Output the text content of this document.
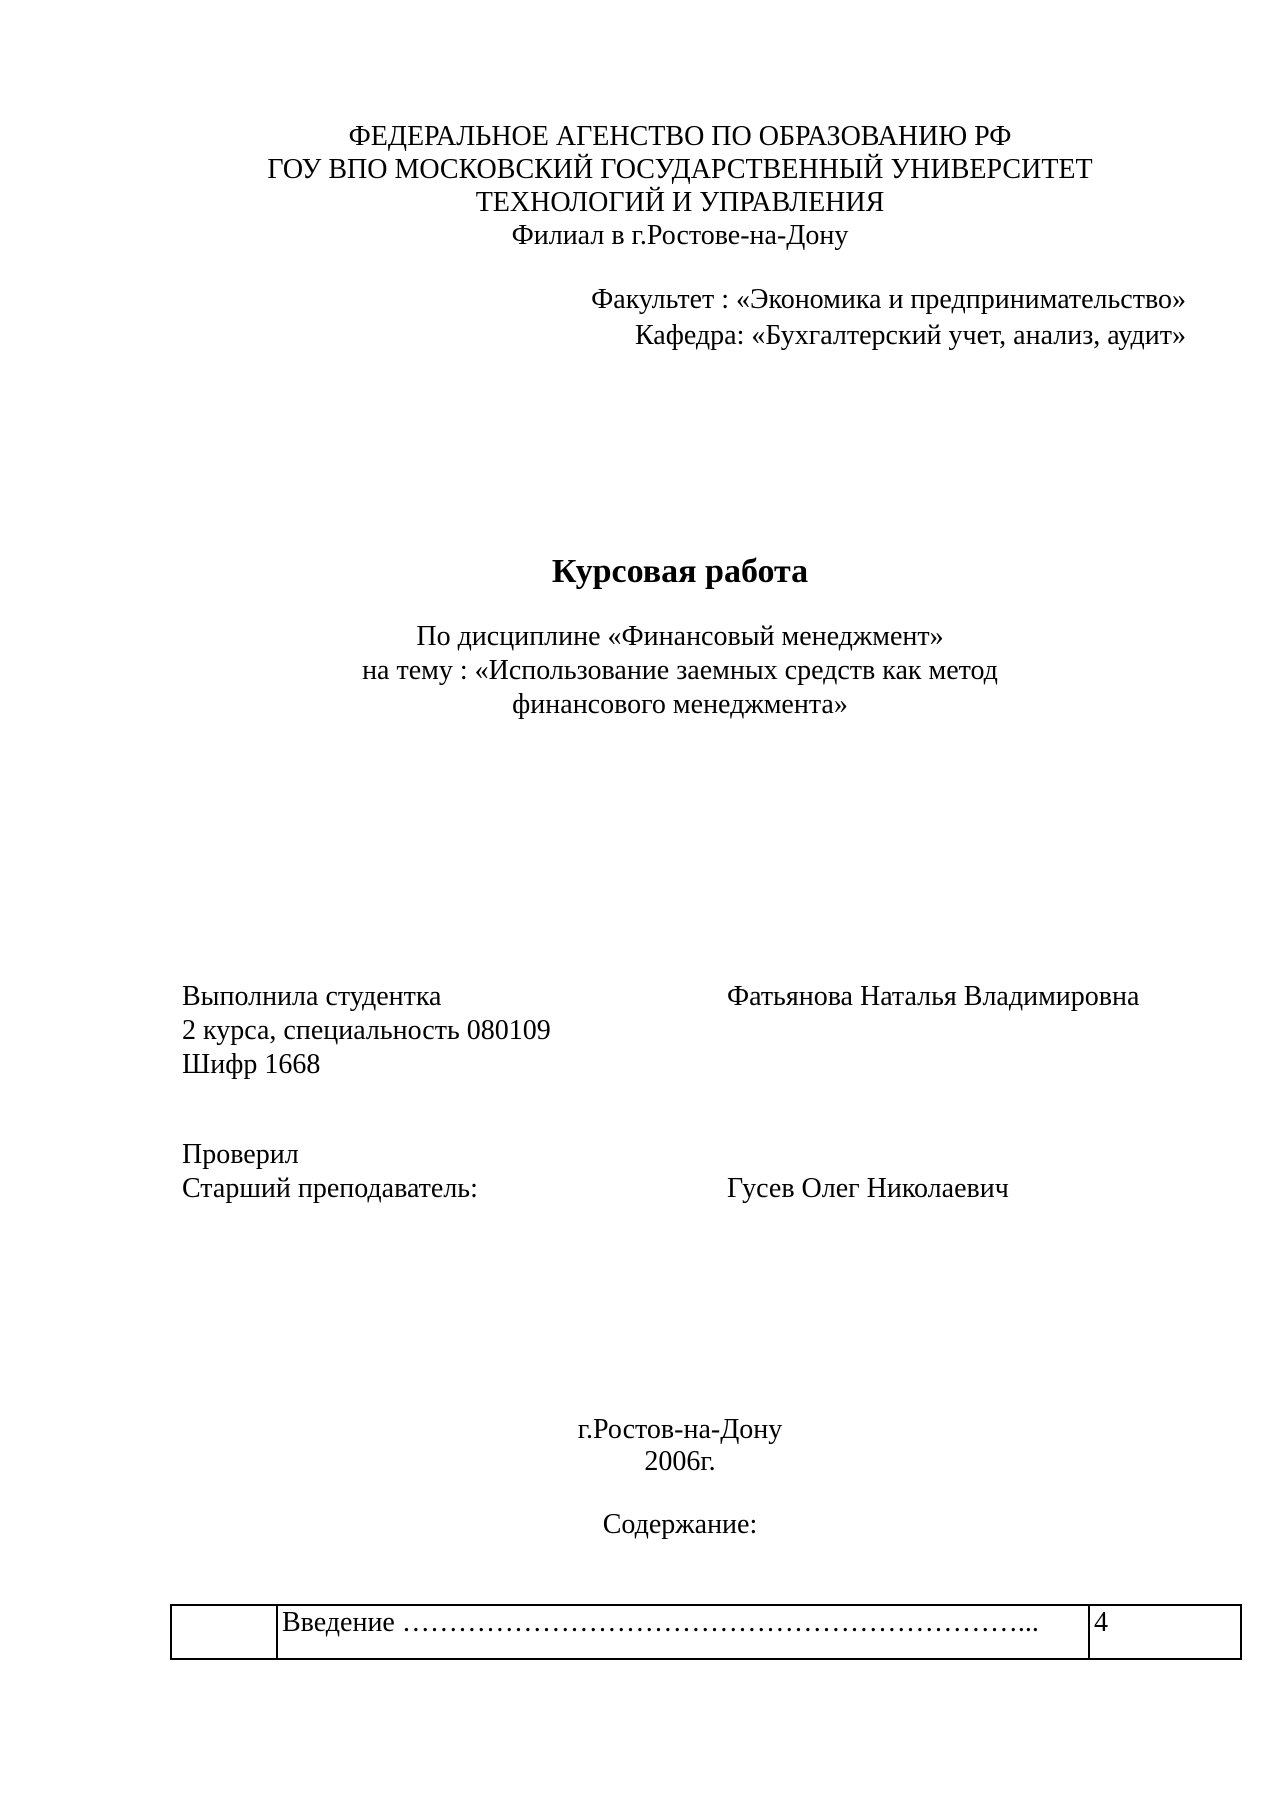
ФЕДЕРАЛЬНОЕ АГЕНСТВО ПО ОБРАЗОВАНИЮ РФ
ГОУ ВПО МОСКОВСКИЙ ГОСУДАРСТВЕННЫЙ УНИВЕРСИТЕТ
ТЕХНОЛОГИЙ И УПРАВЛЕНИЯ
Филиал в г.Ростове-на-Дону
Факультет : «Экономика и предпринимательство»
Кафедра: «Бухгалтерский учет, анализ, аудит»
Курсовая работа
По дисциплине «Финансовый менеджмент»
на тему : «Использование заемных средств как метод
финансового менеджмента»
Выполнила студентка
2 курса, специальность 080109
Шифр 1668
Фатьянова Наталья Владимировна
Проверил
Старший преподаватель:	Гусев Олег Николаевич
г.Ростов-на-Дону
2006г.
Содержание:
	Введение …………………………………………………………...	4
